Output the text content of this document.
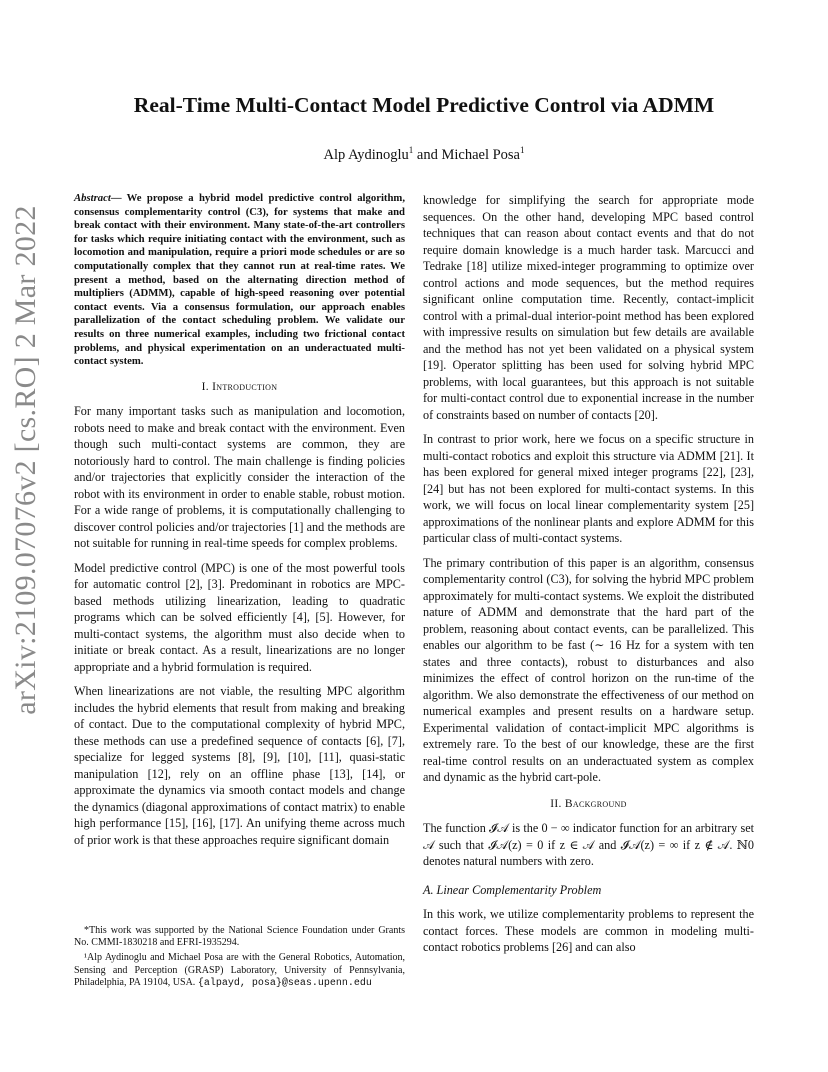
arXiv:2109.07076v2 [cs.RO] 2 Mar 2022
Real-Time Multi-Contact Model Predictive Control via ADMM
Alp Aydinoglu$^1$ and Michael Posa$^1$

Abstract— We propose a hybrid model predictive control algorithm, consensus complementarity control (C3), for systems that make and break contact with their environment. Many state-of-the-art controllers for tasks which require initiating contact with the environment, such as locomotion and manipulation, require a priori mode schedules or are so computationally complex that they cannot run at real-time rates. We present a method, based on the alternating direction method of multipliers (ADMM), capable of high-speed reasoning over potential contact events. Via a consensus formulation, our approach enables parallelization of the contact scheduling problem. We validate our results on three numerical examples, including two frictional contact problems, and physical experimentation on an underactuated multi-contact system.

I. Introduction

For many important tasks such as manipulation and locomotion, robots need to make and break contact with the environment. Even though such multi-contact systems are common, they are notoriously hard to control. The main challenge is finding policies and/or trajectories that explicitly consider the interaction of the robot with its environment in order to enable stable, robust motion. For a wide range of problems, it is computationally challenging to discover control policies and/or trajectories [1] and the methods are not suitable for running in real-time speeds for complex problems.

Model predictive control (MPC) is one of the most powerful tools for automatic control [2], [3]. Predominant in robotics are MPC-based methods utilizing linearization, leading to quadratic programs which can be solved efficiently [4], [5]. However, for multi-contact systems, the algorithm must also decide when to initiate or break contact. As a result, linearizations are no longer appropriate and a hybrid formulation is required.

When linearizations are not viable, the resulting MPC algorithm includes the hybrid elements that result from making and breaking of contact. Due to the computational complexity of hybrid MPC, these methods can use a predefined sequence of contacts [6], [7], specialize for legged systems [8], [9], [10], [11], quasi-static manipulation [12], rely on an offline phase [13], [14], or approximate the dynamics via smooth contact models and change the dynamics (diagonal approximations of contact matrix) to enable high performance [15], [16], [17]. An unifying theme across much of prior work is that these approaches require significant domain

*This work was supported by the National Science Foundation under Grants No. CMMI-1830218 and EFRI-1935294.

¹Alp Aydinoglu and Michael Posa are with the General Robotics, Automation, Sensing and Perception (GRASP) Laboratory, University of Pennsylvania, Philadelphia, PA 19104, USA. {alpayd, posa}@seas.upenn.edu

knowledge for simplifying the search for appropriate mode sequences. On the other hand, developing MPC based control techniques that can reason about contact events and that do not require domain knowledge is a much harder task. Marcucci and Tedrake [18] utilize mixed-integer programming to optimize over control actions and mode sequences, but the method requires significant online computation time. Recently, contact-implicit control with a primal-dual interior-point method has been explored with impressive results on simulation but few details are available and the method has not yet been validated on a physical system [19]. Operator splitting has been used for solving hybrid MPC problems, with local guarantees, but this approach is not suitable for multi-contact control due to exponential increase in the number of constraints based on number of contacts [20].

In contrast to prior work, here we focus on a specific structure in multi-contact robotics and exploit this structure via ADMM [21]. It has been explored for general mixed integer programs [22], [23], [24] but has not been explored for multi-contact systems. In this work, we will focus on local linear complementarity system [25] approximations of the nonlinear plants and explore ADMM for this particular class of multi-contact systems.

The primary contribution of this paper is an algorithm, consensus complementarity control (C3), for solving the hybrid MPC problem approximately for multi-contact systems. We exploit the distributed nature of ADMM and demonstrate that the hard part of the problem, reasoning about contact events, can be parallelized. This enables our algorithm to be fast (∼ 16 Hz for a system with ten states and three contacts), robust to disturbances and also minimizes the effect of control horizon on the run-time of the algorithm. We also demonstrate the effectiveness of our method on numerical examples and present results on a hardware setup. Experimental validation of contact-implicit MPC algorithms is extremely rare. To the best of our knowledge, these are the first real-time control results on an underactuated system as complex and dynamic as the hybrid cart-pole.

II. Background

The function 𝓘𝒜 is the 0 − ∞ indicator function for an arbitrary set 𝒜 such that 𝓘𝒜(z) = 0 if z ∈ 𝒜 and 𝓘𝒜(z) = ∞ if z ∉ 𝒜. ℕ0 denotes natural numbers with zero.

A. Linear Complementarity Problem

In this work, we utilize complementarity problems to represent the contact forces. These models are common in modeling multi-contact robotics problems [26] and can also
